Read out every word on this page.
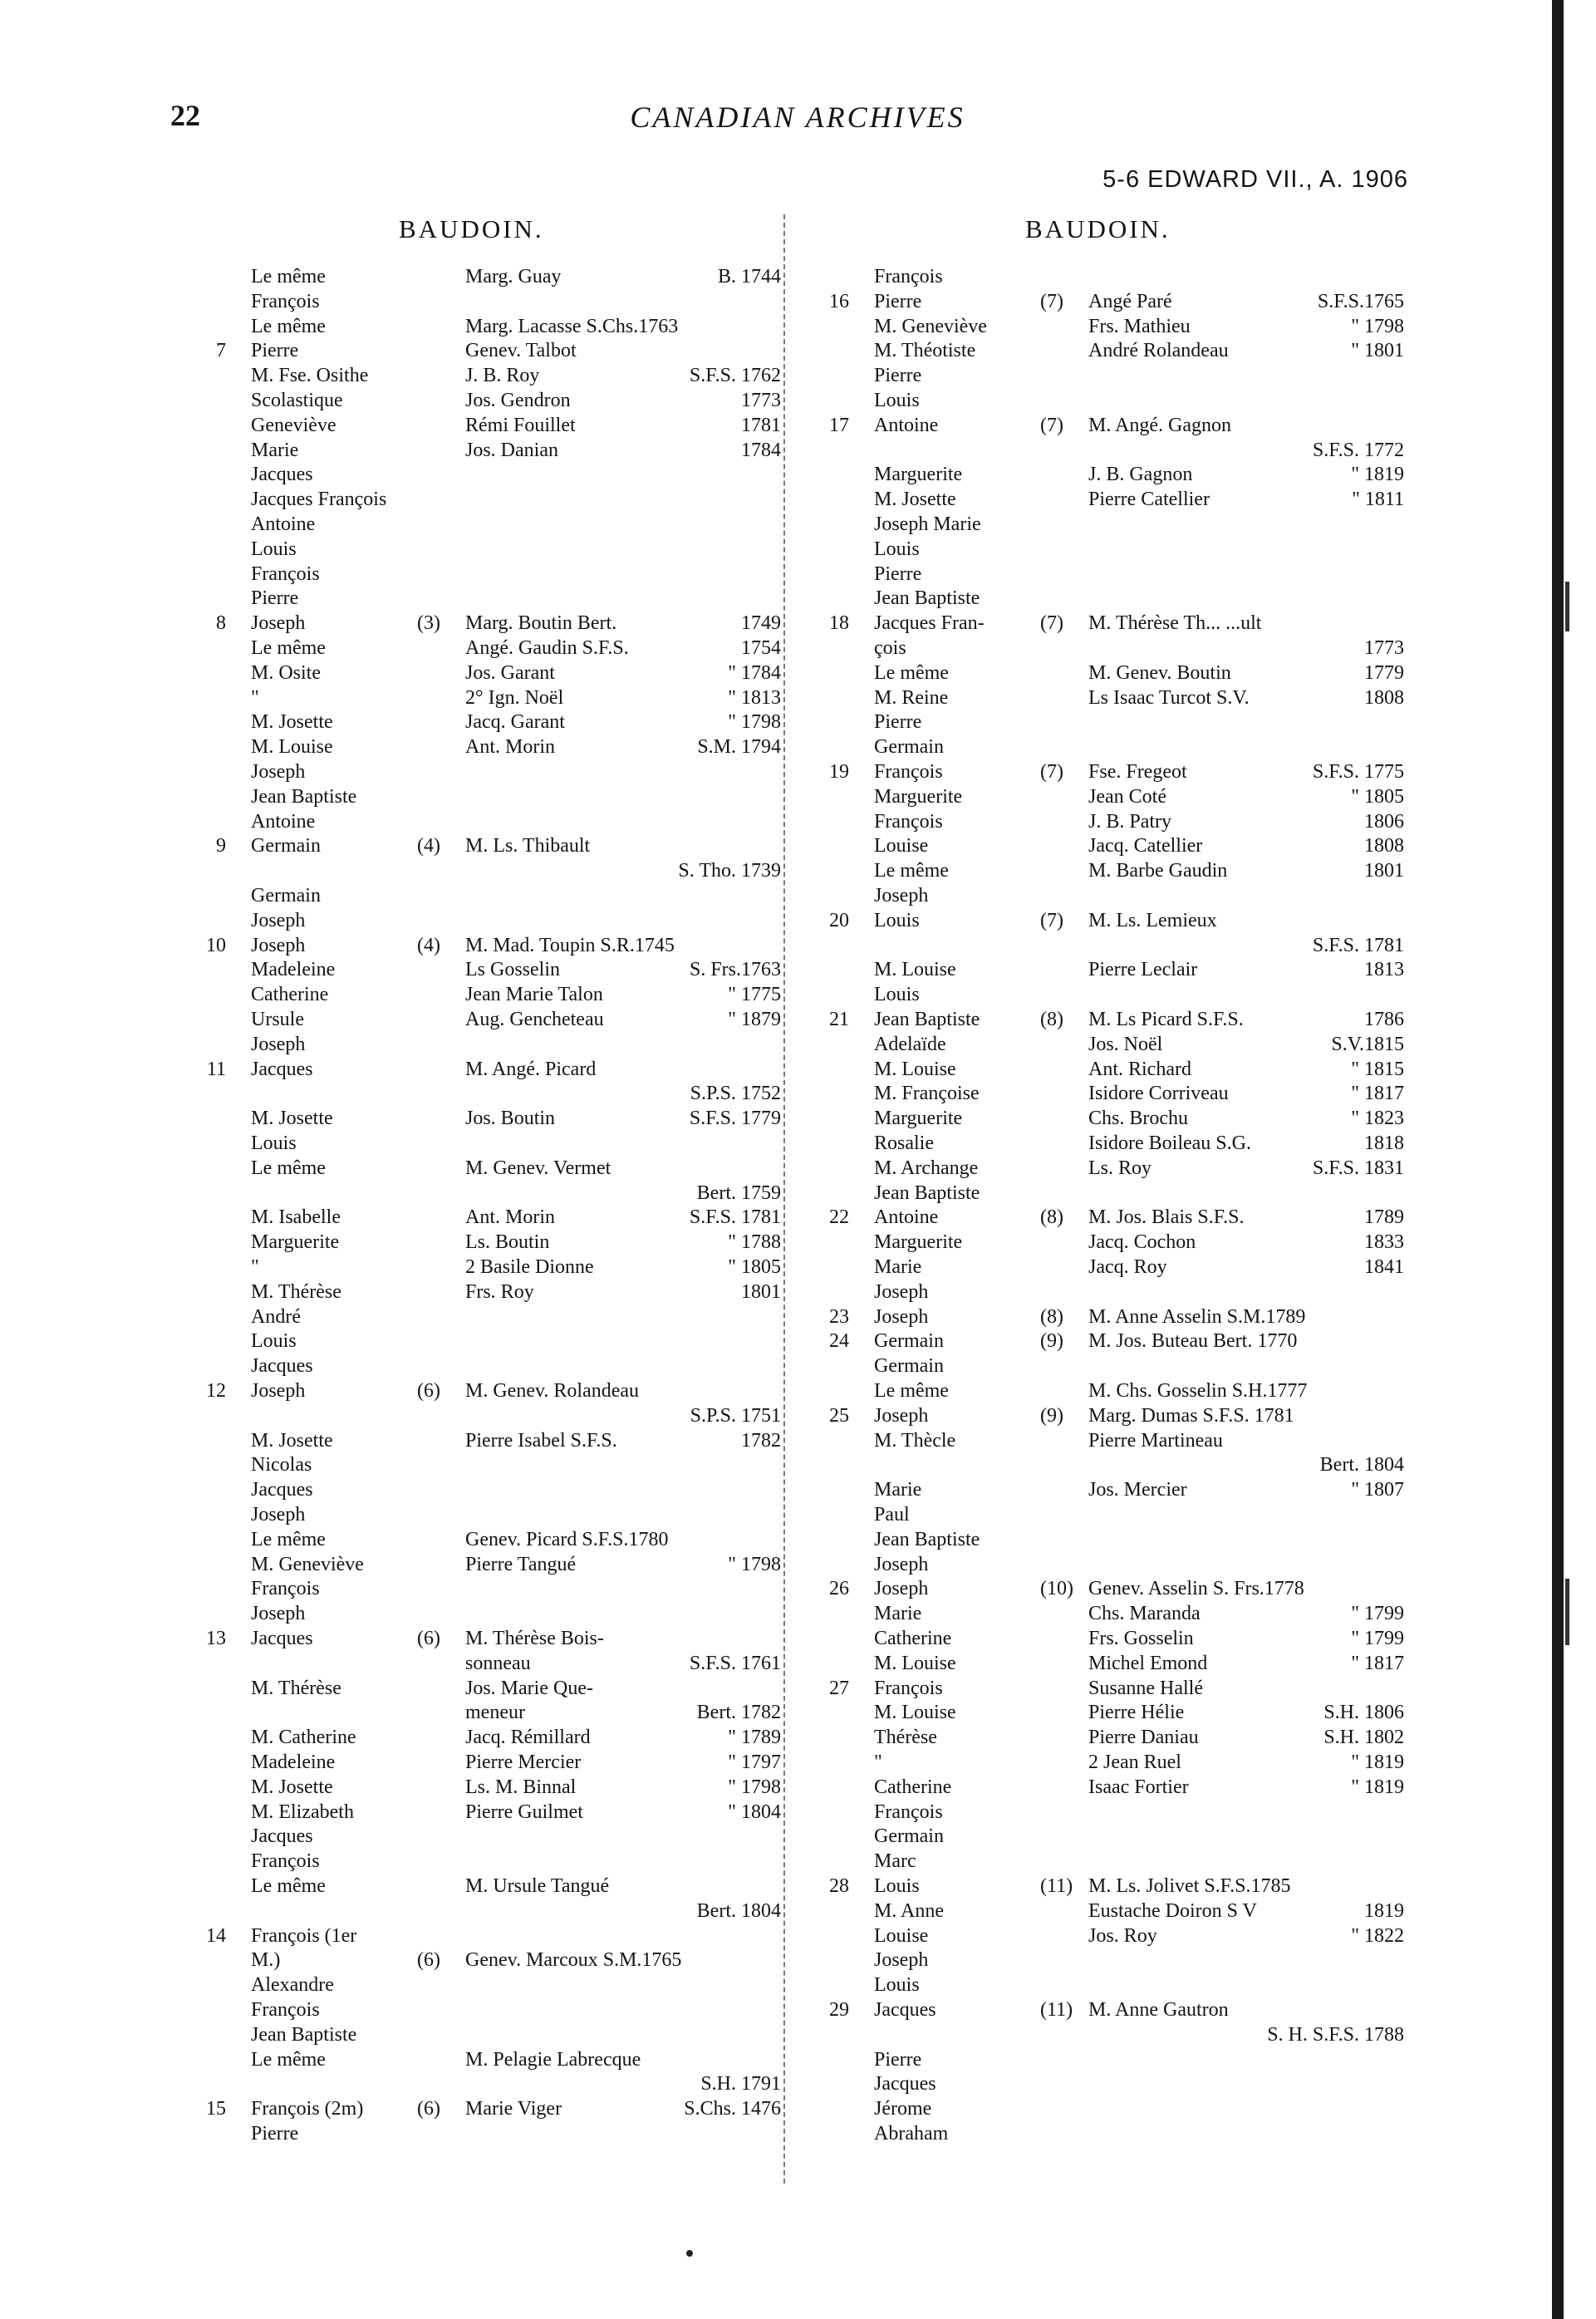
22	CANADIAN ARCHIVES
5-6 EDWARD VII., A. 1906
BAUDOIN.	BAUDOIN.
Le même	Marg. Guay	B. 1744
François
Le même	Marg. Lacasse S.Chs.1763
7 Pierre	Genev. Talbot
M. Fse. Osithe	J. B. Roy	S.F.S. 1762
Scolastique	Jos. Gendron	1773
Geneviève	Rémi Fouillet	1781
Marie	Jos. Danian	1784
Jacques
Jacques François
Antoine
Louis
François
Pierre
8 Joseph	(3) Marg. Boutin Bert.	1749
Le même	Angé. Gaudin S.F.S.	1754
M. Osite	Jos. Garant	" 1784
"	2° Ign. Noël	" 1813
M. Josette	Jacq. Garant	" 1798
M. Louise	Ant. Morin	S.M. 1794
Joseph
Jean Baptiste
Antoine
9 Germain	(4) M. Ls. Thibault
S. Tho. 1739
Germain
Joseph
10 Joseph	(4) M. Mad. Toupin S.R.1745
Madeleine	Ls Gosselin	S. Frs.1763
Catherine	Jean Marie Talon	" 1775
Ursule	Aug. Gencheteau	" 1879
Joseph
11 Jacques	M. Angé. Picard
S.P.S. 1752
M. Josette	Jos. Boutin	S.F.S. 1779
Louis
Le même	M. Genev. Vermet
Bert. 1759
M. Isabelle	Ant. Morin	S.F.S. 1781
Marguerite	Ls. Boutin	" 1788
"	2 Basile Dionne	" 1805
M. Thérèse	Frs. Roy	1801
André
Louis
Jacques
12 Joseph	(6) M. Genev. Rolandeau
S.P.S. 1751
M. Josette	Pierre Isabel S.F.S.	1782
Nicolas
Jacques
Joseph
Le même	Genev. Picard S.F.S.1780
M. Geneviève	Pierre Tangué	" 1798
François
Joseph
13 Jacques	(6) M. Thérèse Bois-
sonneau	S.F.S. 1761
M. Thérèse	Jos. Marie Que-
meneur	Bert. 1782
M. Catherine	Jacq. Rémillard	" 1789
Madeleine	Pierre Mercier	" 1797
M. Josette	Ls. M. Binnal	" 1798
M. Elizabeth	Pierre Guilmet	" 1804
Jacques
François
Le même	M. Ursule Tangué
Bert. 1804
14 François (1er
M.)	(6) Genev. Marcoux S.M.1765
Alexandre
François
Jean Baptiste
Le même	M. Pelagie Labrecque
S.H. 1791
15 François (2m)	(6) Marie Viger	S.Chs. 1476
Pierre
François
16 Pierre	(7) Angé Paré	S.F.S.1765
M. Geneviève	Frs. Mathieu	" 1798
M. Théotiste	André Rolandeau	" 1801
Pierre
Louis
17 Antoine	(7) M. Angé. Gagnon
S.F.S. 1772
Marguerite	J. B. Gagnon	" 1819
M. Josette	Pierre Catellier	" 1811
Joseph Marie
Louis
Pierre
Jean Baptiste
18 Jacques Fran-	(7) M. Thérèse Th... ...ult
çois	1773
Le même	M. Genev. Boutin	1779
M. Reine	Ls Isaac Turcot S.V.	1808
Pierre
Germain
19 François	(7) Fse. Fregeot	S.F.S. 1775
Marguerite	Jean Coté	" 1805
François	J. B. Patry	1806
Louise	Jacq. Catellier	1808
Le même	M. Barbe Gaudin	1801
Joseph
20 Louis	(7) M. Ls. Lemieux
S.F.S. 1781
M. Louise	Pierre Leclair	1813
Louis
21 Jean Baptiste	(8) M. Ls Picard S.F.S.	1786
Adelaïde	Jos. Noël	S.V.1815
M. Louise	Ant. Richard	" 1815
M. Françoise	Isidore Corriveau	" 1817
Marguerite	Chs. Brochu	" 1823
Rosalie	Isidore Boileau S.G.	1818
M. Archange	Ls. Roy	S.F.S. 1831
Jean Baptiste
22 Antoine	(8) M. Jos. Blais S.F.S.	1789
Marguerite	Jacq. Cochon	1833
Marie	Jacq. Roy	1841
Joseph
23 Joseph	(8) M. Anne Asselin S.M.1789
24 Germain	(9) M. Jos. Buteau Bert. 1770
Germain
Le même	M. Chs. Gosselin S.H.1777
25 Joseph	(9) Marg. Dumas S.F.S. 1781
M. Thècle	Pierre Martineau
Bert. 1804
Marie	Jos. Mercier	" 1807
Paul
Jean Baptiste
Joseph
26 Joseph	(10) Genev. Asselin S. Frs.1778
Marie	Chs. Maranda	" 1799
Catherine	Frs. Gosselin	" 1799
M. Louise	Michel Emond	" 1817
27 François	Susanne Hallé
M. Louise	Pierre Hélie	S.H. 1806
Thérèse	Pierre Daniau	S.H. 1802
"	2 Jean Ruel	" 1819
Catherine	Isaac Fortier	" 1819
François
Germain
Marc
28 Louis	(11) M. Ls. Jolivet S.F.S.1785
M. Anne	Eustache Doiron S V	1819
Louise	Jos. Roy	" 1822
Joseph
Louis
29 Jacques	(11) M. Anne Gautron
S. H. S.F.S. 1788
Pierre
Jacques
Jérome
Abraham
